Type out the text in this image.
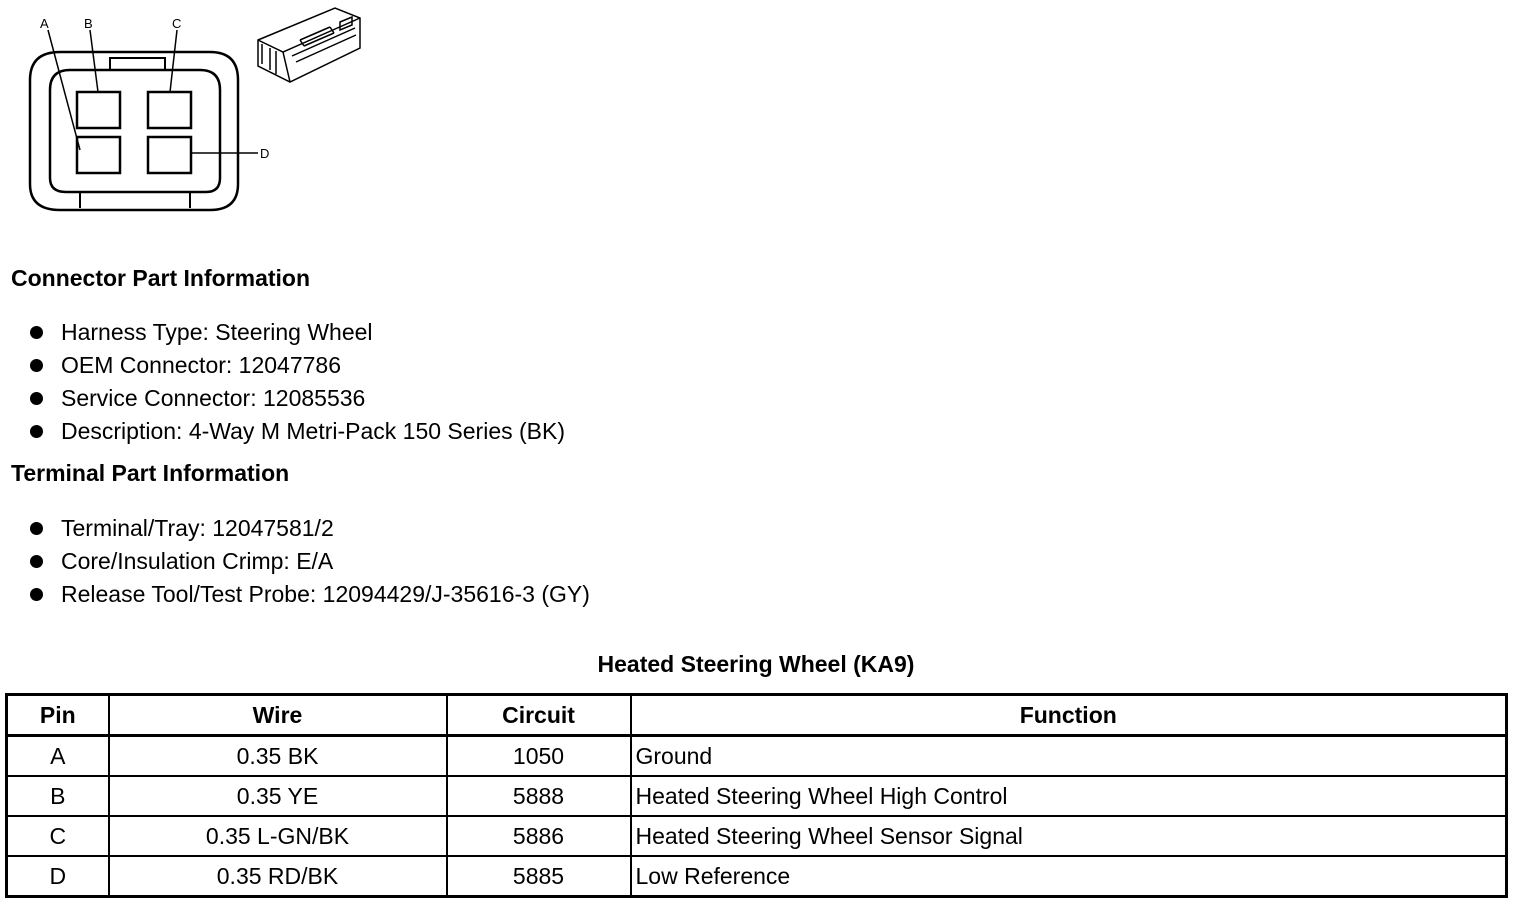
A	B	C
D
Connector Part Information
Harness Type: Steering Wheel
OEM Connector: 12047786
Service Connector: 12085536
Description: 4-Way M Metri-Pack 150 Series (BK)
Terminal Part Information
Terminal/Tray: 12047581/2
Core/Insulation Crimp: E/A
Release Tool/Test Probe: 12094429/J-35616-3 (GY)
Heated Steering Wheel (KA9)
Pin	Wire	Circuit	Function
A	0.35 BK	1050	Ground
B	0.35 YE	5888	Heated Steering Wheel High Control
C	0.35 L-GN/BK	5886	Heated Steering Wheel Sensor Signal
D	0.35 RD/BK	5885	Low Reference
